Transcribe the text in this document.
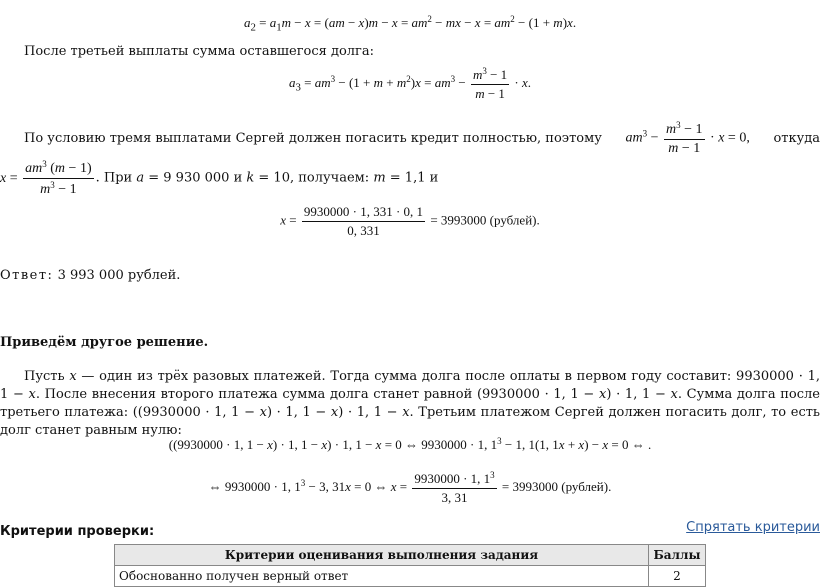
$a_2 = a_1m - x = (am - x)m - x = am^2$ − mx − $x = am^2 - (1 + m)x$.
После третьей выплаты сумма оставшегося долга:
$a_3 = am^3 - (1 + m + m^2)x = am^3 - \frac{m^3 - 1}{m - 1} \cdot x$.
По условию тремя выплатами Сергей должен погасить кредит полностью, поэтому $am^3 - \frac{m^3 - 1}{m - 1} \cdot x = 0$, откуда
$x = \frac{am^3 (m - 1)}{m^3 - 1}$ . При a = 9 930 000 и k = 10, получаем: m = 1,1 и
$x = \frac{9930000 \cdot 1, 331 \cdot 0, 1}{0, 331} = 3993000$ (рублей).
Ответ: 3 993 000 рублей.
Приведём другое решение.
Пусть x — один из трёх разовых платежей. Тогда сумма долга после оплаты в первом году составит: 9930000 · 1, 1 − x. После внесения второго платежа сумма долга станет равной (9930000 · 1, 1 − x) · 1, 1 − x. Сумма долга после третьего платежа: ((9930000 · 1, 1 − x) · 1, 1 − x) · 1, 1 − x. Третьим платежом Сергей должен погасить долг, то есть долг станет равным нулю:
((9930000 · 1, 1 − x) · 1, 1 − x) · 1, 1 − x = 0 ⇔ 9930000 · 1, $1^3 - 1$, 1(1, 1x + x) − x = 0 ⇔ .
⇔ 9930000 · 1, $1^3 - 3$, 31x = 0 ⇔ $x = \frac{9930000 \cdot 1, 1^3}{3, 31} = 3993000$ (рублей).
Критерии проверки:	Спрятать критерии
Критерии оценивания выполнения задания	Баллы
Обоснованно получен верный ответ	2
